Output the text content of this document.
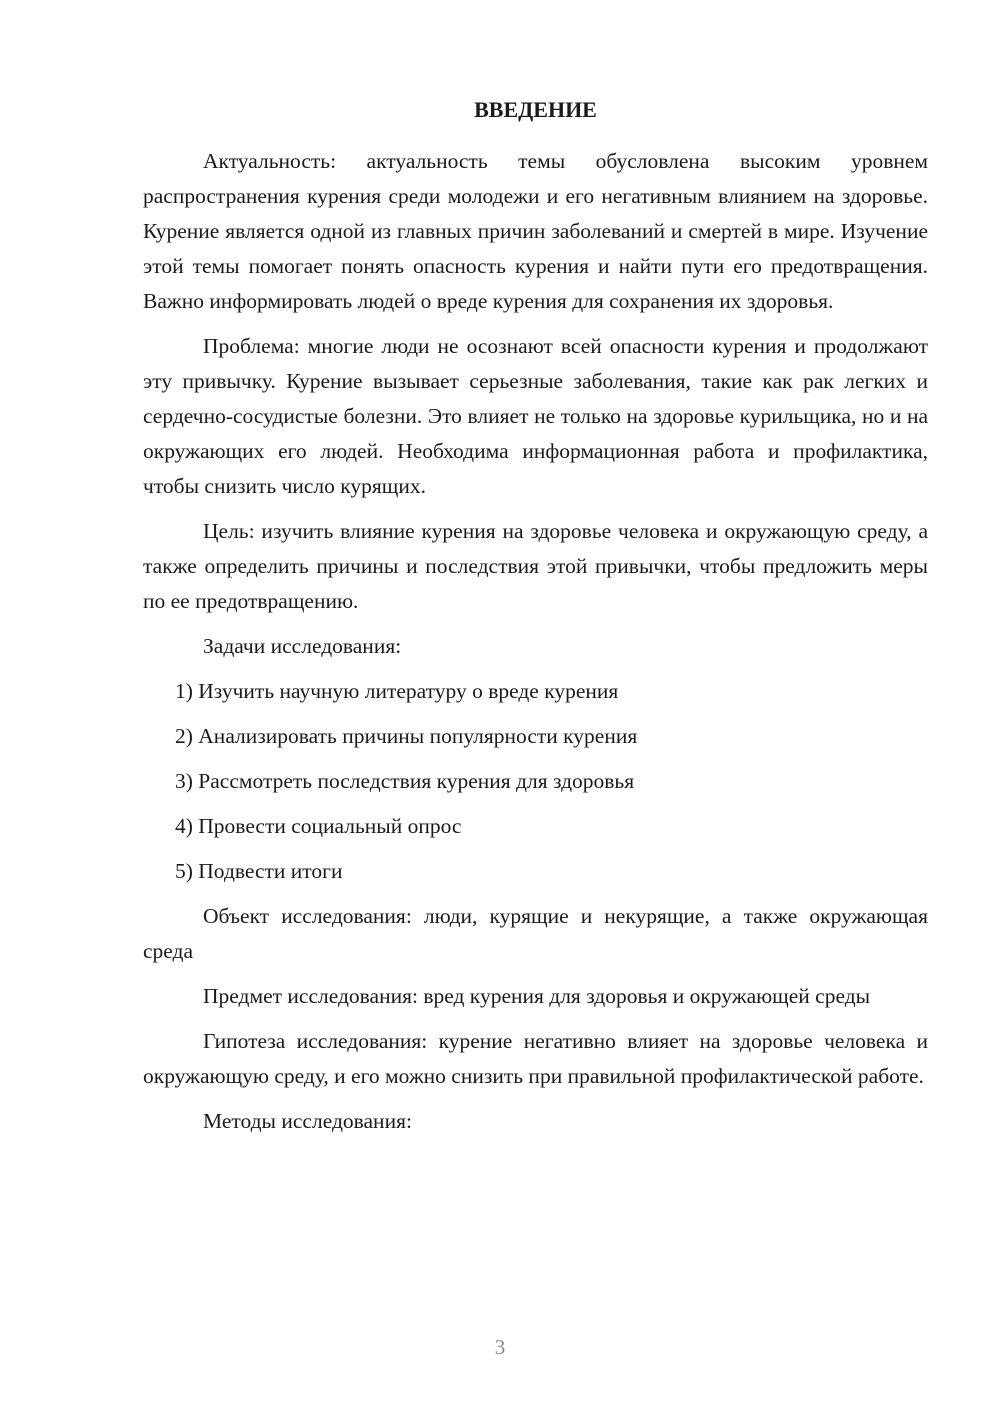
ВВЕДЕНИЕ

Актуальность: актуальность темы обусловлена высоким уровнем распространения курения среди молодежи и его негативным влиянием на здоровье. Курение является одной из главных причин заболеваний и смертей в мире. Изучение этой темы помогает понять опасность курения и найти пути его предотвращения. Важно информировать людей о вреде курения для сохранения их здоровья.

Проблема: многие люди не осознают всей опасности курения и продолжают эту привычку. Курение вызывает серьезные заболевания, такие как рак легких и сердечно-сосудистые болезни. Это влияет не только на здоровье курильщика, но и на окружающих его людей. Необходима информационная работа и профилактика, чтобы снизить число курящих.

Цель: изучить влияние курения на здоровье человека и окружающую среду, а также определить причины и последствия этой привычки, чтобы предложить меры по ее предотвращению.

Задачи исследования:

1) Изучить научную литературу о вреде курения

2) Анализировать причины популярности курения

3) Рассмотреть последствия курения для здоровья

4) Провести социальный опрос

5) Подвести итоги

Объект исследования: люди, курящие и некурящие, а также окружающая среда

Предмет исследования: вред курения для здоровья и окружающей среды

Гипотеза исследования: курение негативно влияет на здоровье человека и окружающую среду, и его можно снизить при правильной профилактической работе.

Методы исследования:

3
